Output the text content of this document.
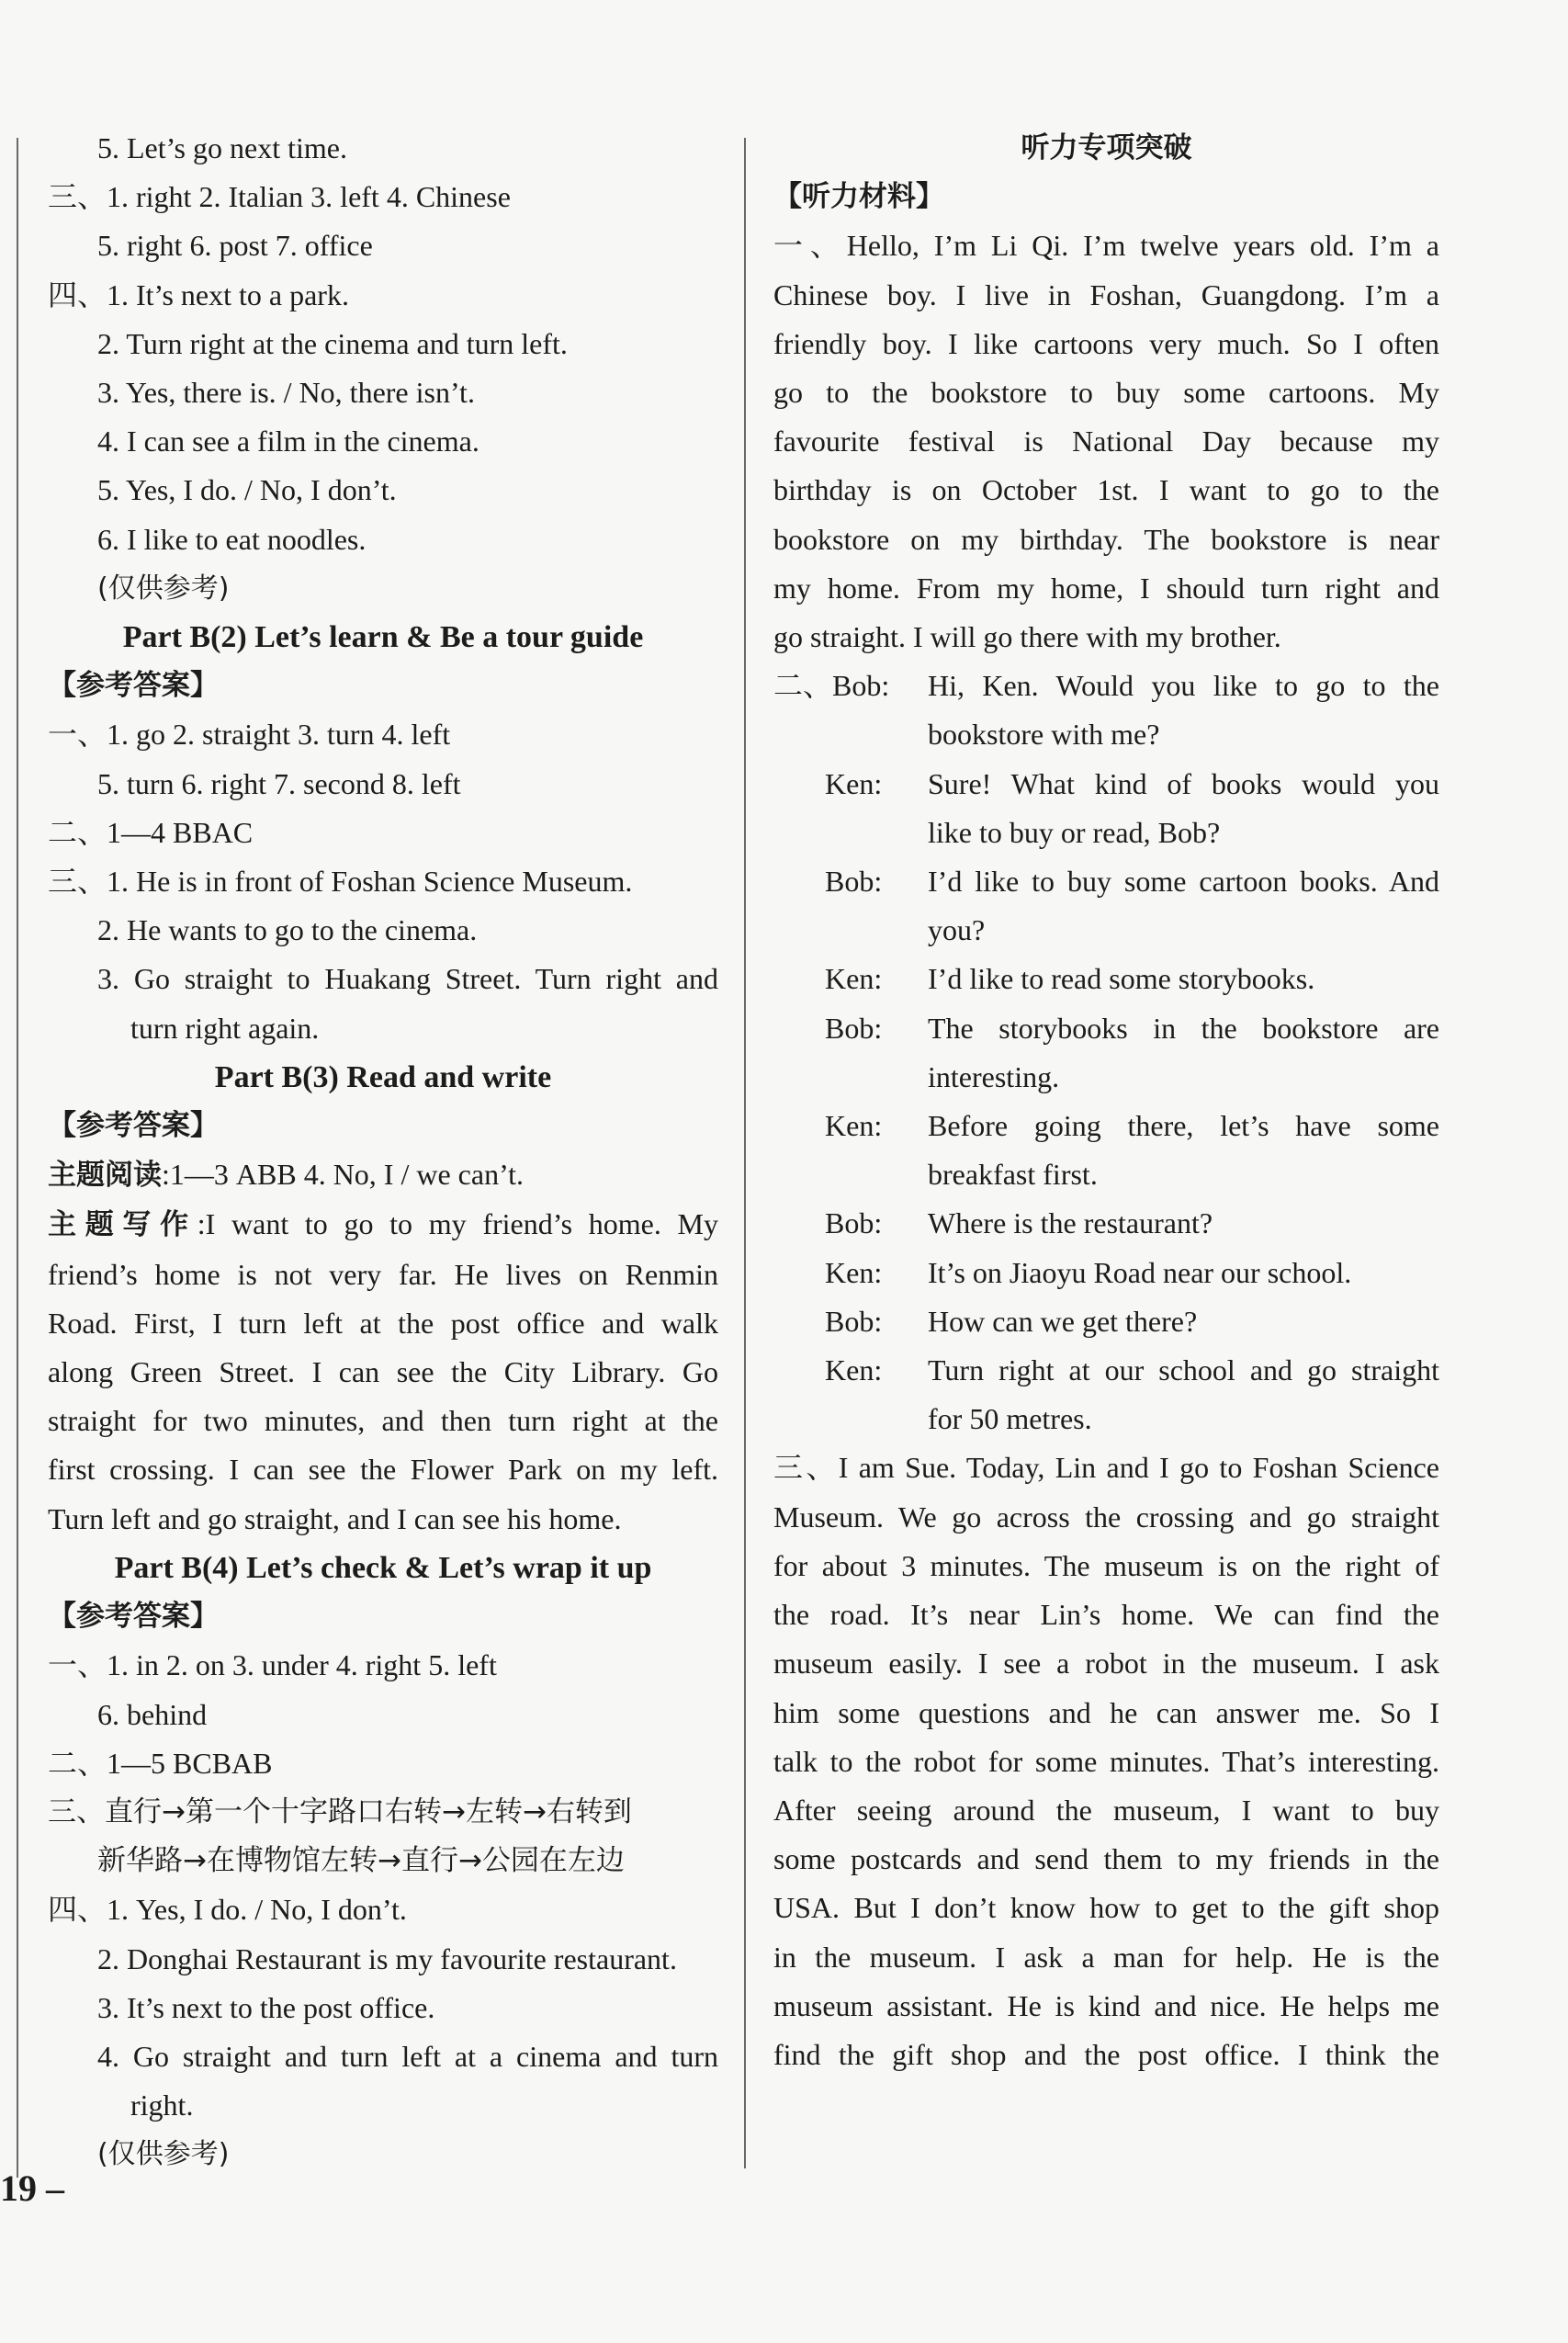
5. Let’s go next time.
三、1. right 2. Italian 3. left 4. Chinese
5. right 6. post 7. office
四、1. It’s next to a park.
2. Turn right at the cinema and turn left.
3. Yes, there is. / No, there isn’t.
4. I can see a film in the cinema.
5. Yes, I do. / No, I don’t.
6. I like to eat noodles.
(仅供参考)
Part B(2) Let’s learn & Be a tour guide
【参考答案】
一、1. go 2. straight 3. turn 4. left
5. turn 6. right 7. second 8. left
二、1—4 BBAC
三、1. He is in front of Foshan Science Museum.
2. He wants to go to the cinema.
3. Go straight to Huakang Street. Turn right and
turn right again.
Part B(3) Read and write
【参考答案】
主题阅读:1—3 ABB 4. No, I / we can’t.
主题写作:I want to go to my friend’s home. My
friend’s home is not very far. He lives on Renmin
Road. First, I turn left at the post office and walk
along Green Street. I can see the City Library. Go
straight for two minutes, and then turn right at the
first crossing. I can see the Flower Park on my left.
Turn left and go straight, and I can see his home.
Part B(4) Let’s check & Let’s wrap it up
【参考答案】
一、1. in 2. on 3. under 4. right 5. left
6. behind
二、1—5 BCBAB
三、直行→第一个十字路口右转→左转→右转到
新华路→在博物馆左转→直行→公园在左边
四、1. Yes, I do. / No, I don’t.
2. Donghai Restaurant is my favourite restaurant.
3. It’s next to the post office.
4. Go straight and turn left at a cinema and turn
right.
(仅供参考)
听力专项突破
【听力材料】
一、Hello, I’m Li Qi. I’m twelve years old. I’m a
Chinese boy. I live in Foshan, Guangdong. I’m a
friendly boy. I like cartoons very much. So I often
go to the bookstore to buy some cartoons. My
favourite festival is National Day because my
birthday is on October 1st. I want to go to the
bookstore on my birthday. The bookstore is near
my home. From my home, I should turn right and
go straight. I will go there with my brother.
二、Bob:	Hi, Ken. Would you like to go to the
bookstore with me?
Ken:	Sure! What kind of books would you
like to buy or read, Bob?
Bob:	I’d like to buy some cartoon books. And
you?
Ken:	I’d like to read some storybooks.
Bob:	The storybooks in the bookstore are
interesting.
Ken:	Before going there, let’s have some
breakfast first.
Bob:	Where is the restaurant?
Ken:	It’s on Jiaoyu Road near our school.
Bob:	How can we get there?
Ken:	Turn right at our school and go straight
for 50 metres.
三、I am Sue. Today, Lin and I go to Foshan Science
Museum. We go across the crossing and go straight
for about 3 minutes. The museum is on the right of
the road. It’s near Lin’s home. We can find the
museum easily. I see a robot in the museum. I ask
him some questions and he can answer me. So I
talk to the robot for some minutes. That’s interesting.
After seeing around the museum, I want to buy
some postcards and send them to my friends in the
USA. But I don’t know how to get to the gift shop
in the museum. I ask a man for help. He is the
museum assistant. He is kind and nice. He helps me
find the gift shop and the post office. I think the
19 –
